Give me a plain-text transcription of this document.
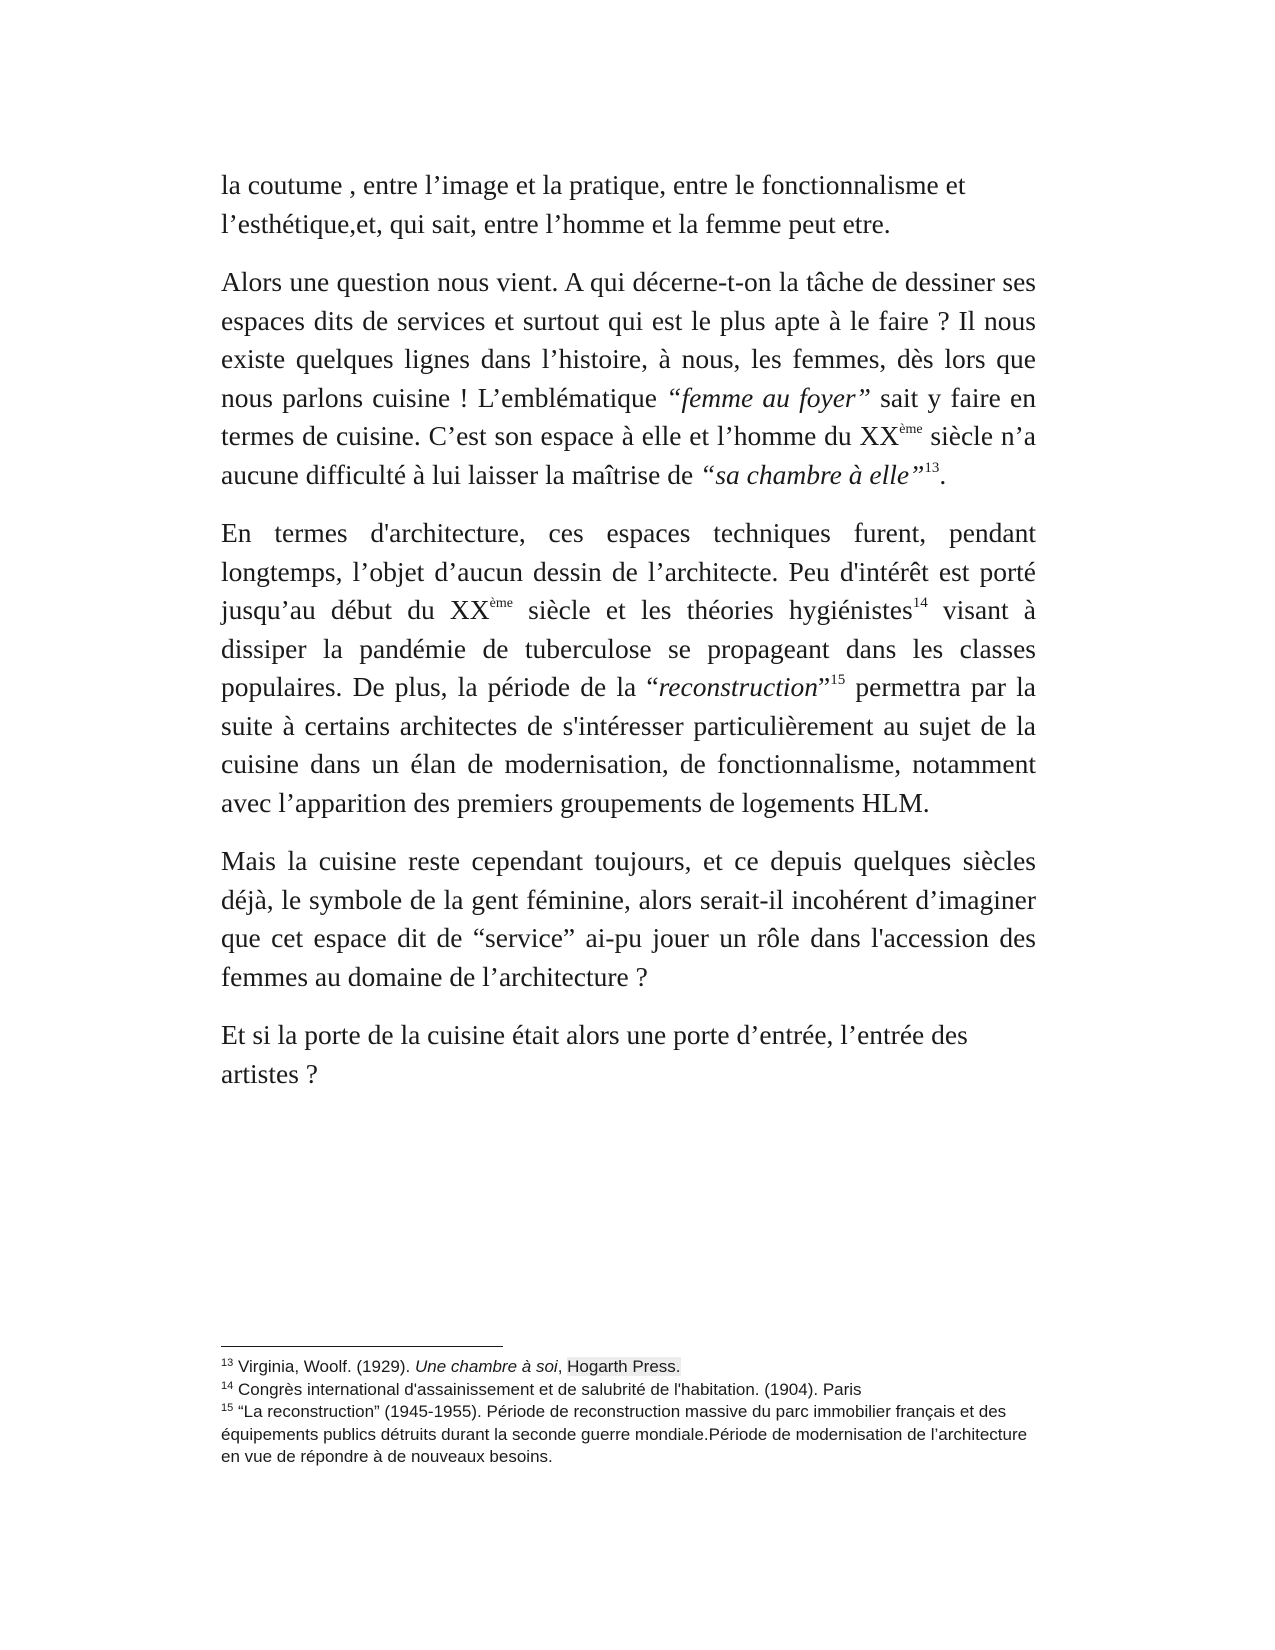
la coutume , entre l’image et la pratique, entre le fonctionnalisme et l’esthétique,et, qui sait, entre l’homme et la femme peut etre.

Alors une question nous vient. A qui décerne-t-on la tâche de dessiner ses espaces dits de services et surtout qui est le plus apte à le faire ? Il nous existe quelques lignes dans l’histoire, à nous, les femmes, dès lors que nous parlons cuisine ! L’emblématique “femme au foyer” sait y faire en termes de cuisine. C’est son espace à elle et l’homme du XXème siècle n’a aucune difficulté à lui laisser la maîtrise de “sa chambre à elle”$^{13}$.

En termes d'architecture, ces espaces techniques furent, pendant longtemps, l’objet d’aucun dessin de l’architecte. Peu d'intérêt est porté jusqu’au début du XXème siècle et les théories hygiénistes$^{14}$ visant à dissiper la pandémie de tuberculose se propageant dans les classes populaires. De plus, la période de la “reconstruction”$^{15}$ permettra par la suite à certains architectes de s'intéresser particulièrement au sujet de la cuisine dans un élan de modernisation, de fonctionnalisme, notamment avec l’apparition des premiers groupements de logements HLM.

Mais la cuisine reste cependant toujours, et ce depuis quelques siècles déjà, le symbole de la gent féminine, alors serait-il incohérent d’imaginer que cet espace dit de “service” ai-pu jouer un rôle dans l'accession des femmes au domaine de l’architecture ?

Et si la porte de la cuisine était alors une porte d’entrée, l’entrée des artistes ?

$^{13}$ Virginia, Woolf. (1929). Une chambre à soi, Hogarth Press.

$^{14}$ Congrès international d'assainissement et de salubrité de l'habitation. (1904). Paris

$^{15}$ “La reconstruction” (1945-1955). Période de reconstruction massive du parc immobilier français et des équipements publics détruits durant la seconde guerre mondiale.Période de modernisation de l’architecture en vue de répondre à de nouveaux besoins.
